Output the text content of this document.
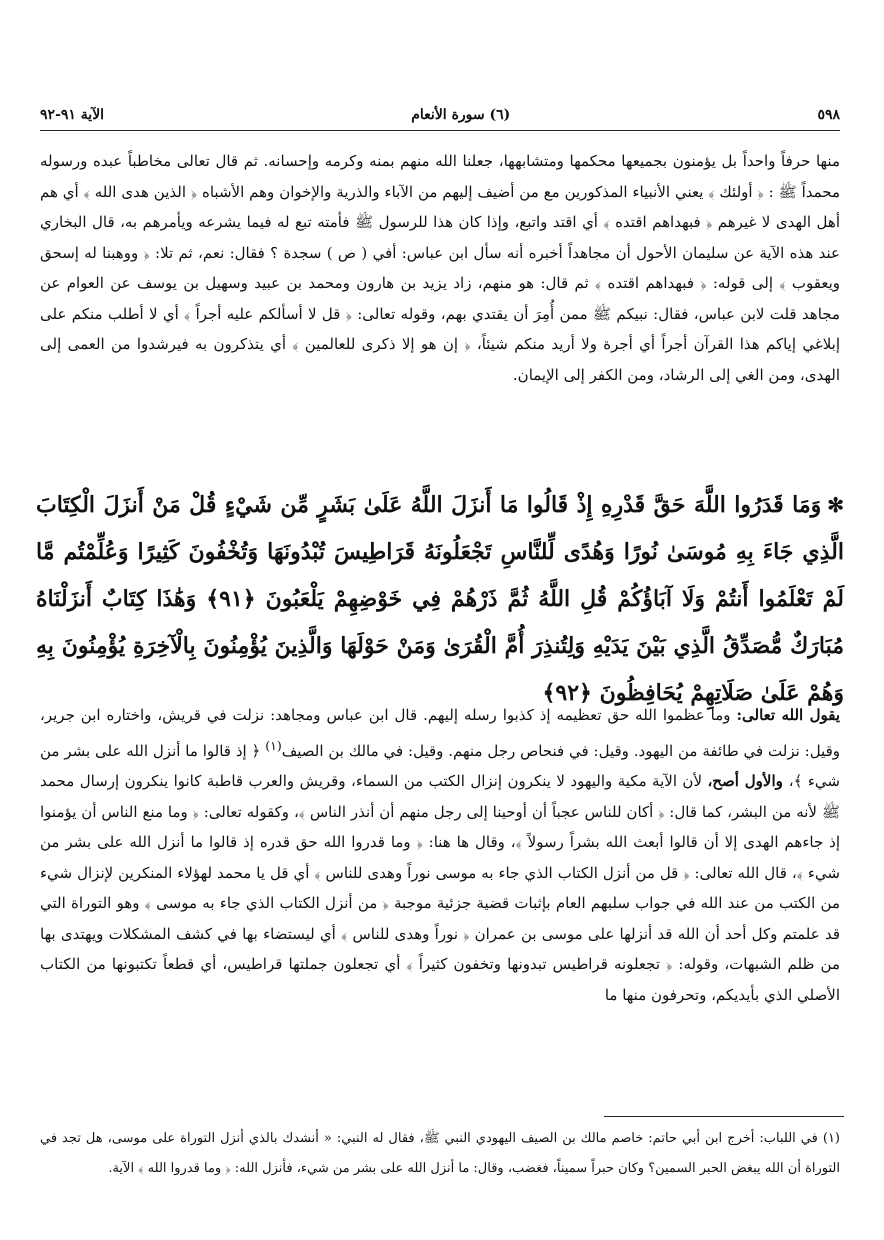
٥٩٨
(٦) سورة الأنعام
الآية ٩١-٩٢

منها حرفاً واحداً بل يؤمنون بجميعها محكمها ومتشابهها، جعلنا الله منهم بمنه وكرمه وإحسانه. ثم قال تعالى مخاطباً عبده ورسوله محمداً ﷺ : ﴿ أولئك ﴾ يعني الأنبياء المذكورين مع من أضيف إليهم من الآباء والذرية والإخوان وهم الأشباه ﴿ الذين هدى الله ﴾ أي هم أهل الهدى لا غيرهم ﴿ فبهداهم اقتده ﴾ أي اقتد واتبع، وإذا كان هذا للرسول ﷺ فأمته تبع له فيما يشرعه ويأمرهم به، قال البخاري عند هذه الآية عن سليمان الأحول أن مجاهداً أخبره أنه سأل ابن عباس: أفي ( ص ) سجدة ؟ فقال: نعم، ثم تلا: ﴿ ووهبنا له إسحق ويعقوب ﴾ إلى قوله: ﴿ فبهداهم اقتده ﴾ ثم قال: هو منهم، زاد يزيد بن هارون ومحمد بن عبيد وسهيل بن يوسف عن العوام عن مجاهد قلت لابن عباس، فقال: نبيكم ﷺ ممن أُمِرَ أن يقتدي بهم، وقوله تعالى: ﴿ قل لا أسألكم عليه أجراً ﴾ أي لا أطلب منكم على إبلاغي إياكم هذا القرآن أجراً أي أجرة ولا أريد منكم شيئاً، ﴿ إن هو إلا ذكرى للعالمين ﴾ أي يتذكرون به فيرشدوا من العمى إلى الهدى، ومن الغي إلى الرشاد، ومن الكفر إلى الإيمان.

✻وَمَا قَدَرُوا اللَّهَ حَقَّ قَدْرِهِ إِذْ قَالُوا مَا أَنزَلَ اللَّهُ عَلَىٰ بَشَرٍ مِّن شَيْءٍ قُلْ مَنْ أَنزَلَ الْكِتَابَ الَّذِي جَاءَ بِهِ مُوسَىٰ نُورًا وَهُدًى لِّلنَّاسِ تَجْعَلُونَهُ قَرَاطِيسَ تُبْدُونَهَا وَتُخْفُونَ كَثِيرًا وَعُلِّمْتُم مَّا لَمْ تَعْلَمُوا أَنتُمْ وَلَا آبَاؤُكُمْ قُلِ اللَّهُ ثُمَّ ذَرْهُمْ فِي خَوْضِهِمْ يَلْعَبُونَ ﴿٩١﴾ وَهَٰذَا كِتَابٌ أَنزَلْنَاهُ مُبَارَكٌ مُّصَدِّقُ الَّذِي بَيْنَ يَدَيْهِ وَلِتُنذِرَ أُمَّ الْقُرَىٰ وَمَنْ حَوْلَهَا وَالَّذِينَ يُؤْمِنُونَ بِالْآخِرَةِ يُؤْمِنُونَ بِهِ وَهُمْ عَلَىٰ صَلَاتِهِمْ يُحَافِظُونَ ﴿٩٢﴾

يقول الله تعالى: وما عظموا الله حق تعظيمه إذ كذبوا رسله إليهم. قال ابن عباس ومجاهد: نزلت في قريش، واختاره ابن جرير، وقيل: نزلت في طائفة من اليهود. وقيل: في فنحاص رجل منهم. وقيل: في مالك بن الصيف$^{(١)}$ ﴿ إذ قالوا ما أنزل الله على بشر من شيء ﴾، والأول أصح، لأن الآية مكية واليهود لا ينكرون إنزال الكتب من السماء، وقريش والعرب قاطبة كانوا ينكرون إرسال محمد ﷺ لأنه من البشر، كما قال: ﴿ أكان للناس عجباً أن أوحينا إلى رجل منهم أن أنذر الناس ﴾، وكقوله تعالى: ﴿ وما منع الناس أن يؤمنوا إذ جاءهم الهدى إلا أن قالوا أبعث الله بشراً رسولاً ﴾، وقال ها هنا: ﴿ وما قدروا الله حق قدره إذ قالوا ما أنزل الله على بشر من شيء ﴾، قال الله تعالى: ﴿ قل من أنزل الكتاب الذي جاء به موسى نوراً وهدى للناس ﴾ أي قل يا محمد لهؤلاء المنكرين لإنزال شيء من الكتب من عند الله في جواب سلبهم العام بإثبات قضية جزئية موجبة ﴿ من أنزل الكتاب الذي جاء به موسى ﴾ وهو التوراة التي قد علمتم وكل أحد أن الله قد أنزلها على موسى بن عمران ﴿ نوراً وهدى للناس ﴾ أي ليستضاء بها في كشف المشكلات ويهتدى بها من ظلم الشبهات، وقوله: ﴿ تجعلونه قراطيس تبدونها وتخفون كثيراً ﴾ أي تجعلون جملتها قراطيس، أي قطعاً تكتبونها من الكتاب الأصلي الذي بأيديكم، وتحرفون منها ما

(١) في اللباب: أخرج ابن أبي حاتم: خاصم مالك بن الصيف اليهودي النبي ﷺ، فقال له النبي: « أنشدك بالذي أنزل التوراة على موسى، هل تجد في التوراة أن الله يبغض الحبر السمين؟ وكان حبراً سميناً، فغضب، وقال: ما أنزل الله على بشر من شيء، فأنزل الله: ﴿ وما قدروا الله ﴾ الآية.
